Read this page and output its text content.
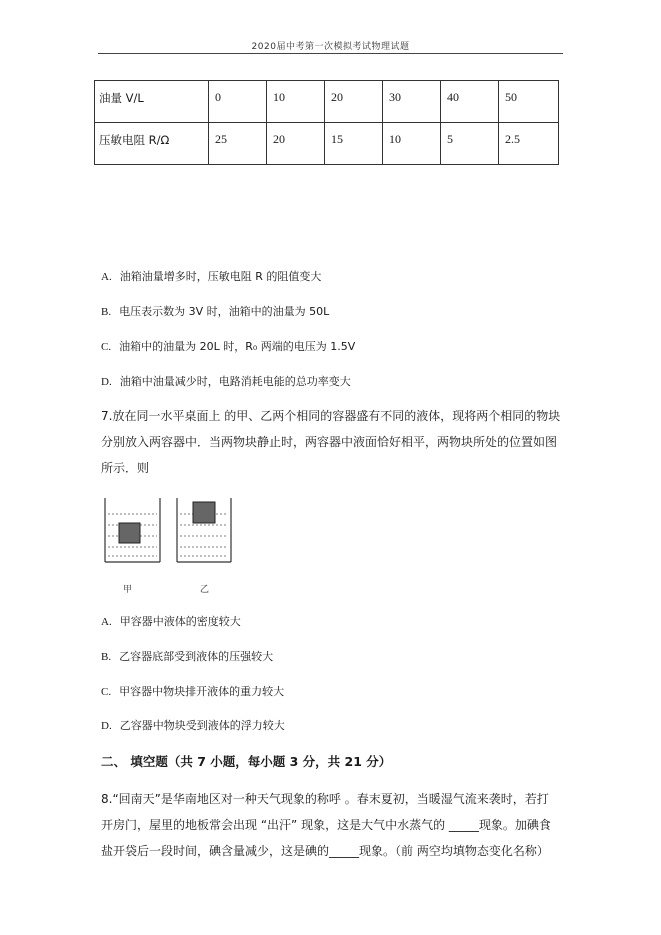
2020届中考第一次模拟考试物理试题
油量 V/L	0	10	20	30	40	50
压敏电阻 R/Ω	25	20	15	10	5	2.5
A. 油箱油量增多时，压敏电阻 R 的阻值变大
B. 电压表示数为 3V 时，油箱中的油量为 50L
C. 油箱中的油量为 20L 时，R₀ 两端的电压为 1.5V
D. 油箱中油量减少时，电路消耗电能的总功率变大
7.放在同一水平桌面上 的甲、乙两个相同的容器盛有不同的液体，现将两个相同的物块
分别放入两容器中．当两物块静止时，两容器中液面恰好相平，两物块所处的位置如图
所示．则
甲	乙
A. 甲容器中液体的密度较大
B. 乙容器底部受到液体的压强较大
C. 甲容器中物块排开液体的重力较大
D. 乙容器中物块受到液体的浮力较大
二、 填空题（共 7 小题，每小题 3 分，共 21 分）
8.“回南天”是华南地区对一种天气现象的称呼 。春末夏初，当暖湿气流来袭时，若打
开房门，屋里的地板常会出现 “出汗” 现象，这是大气中水蒸气的 _____现象。加碘食
盐开袋后一段时间，碘含量减少，这是碘的_____现象。（前 两空均填物态变化名称）
